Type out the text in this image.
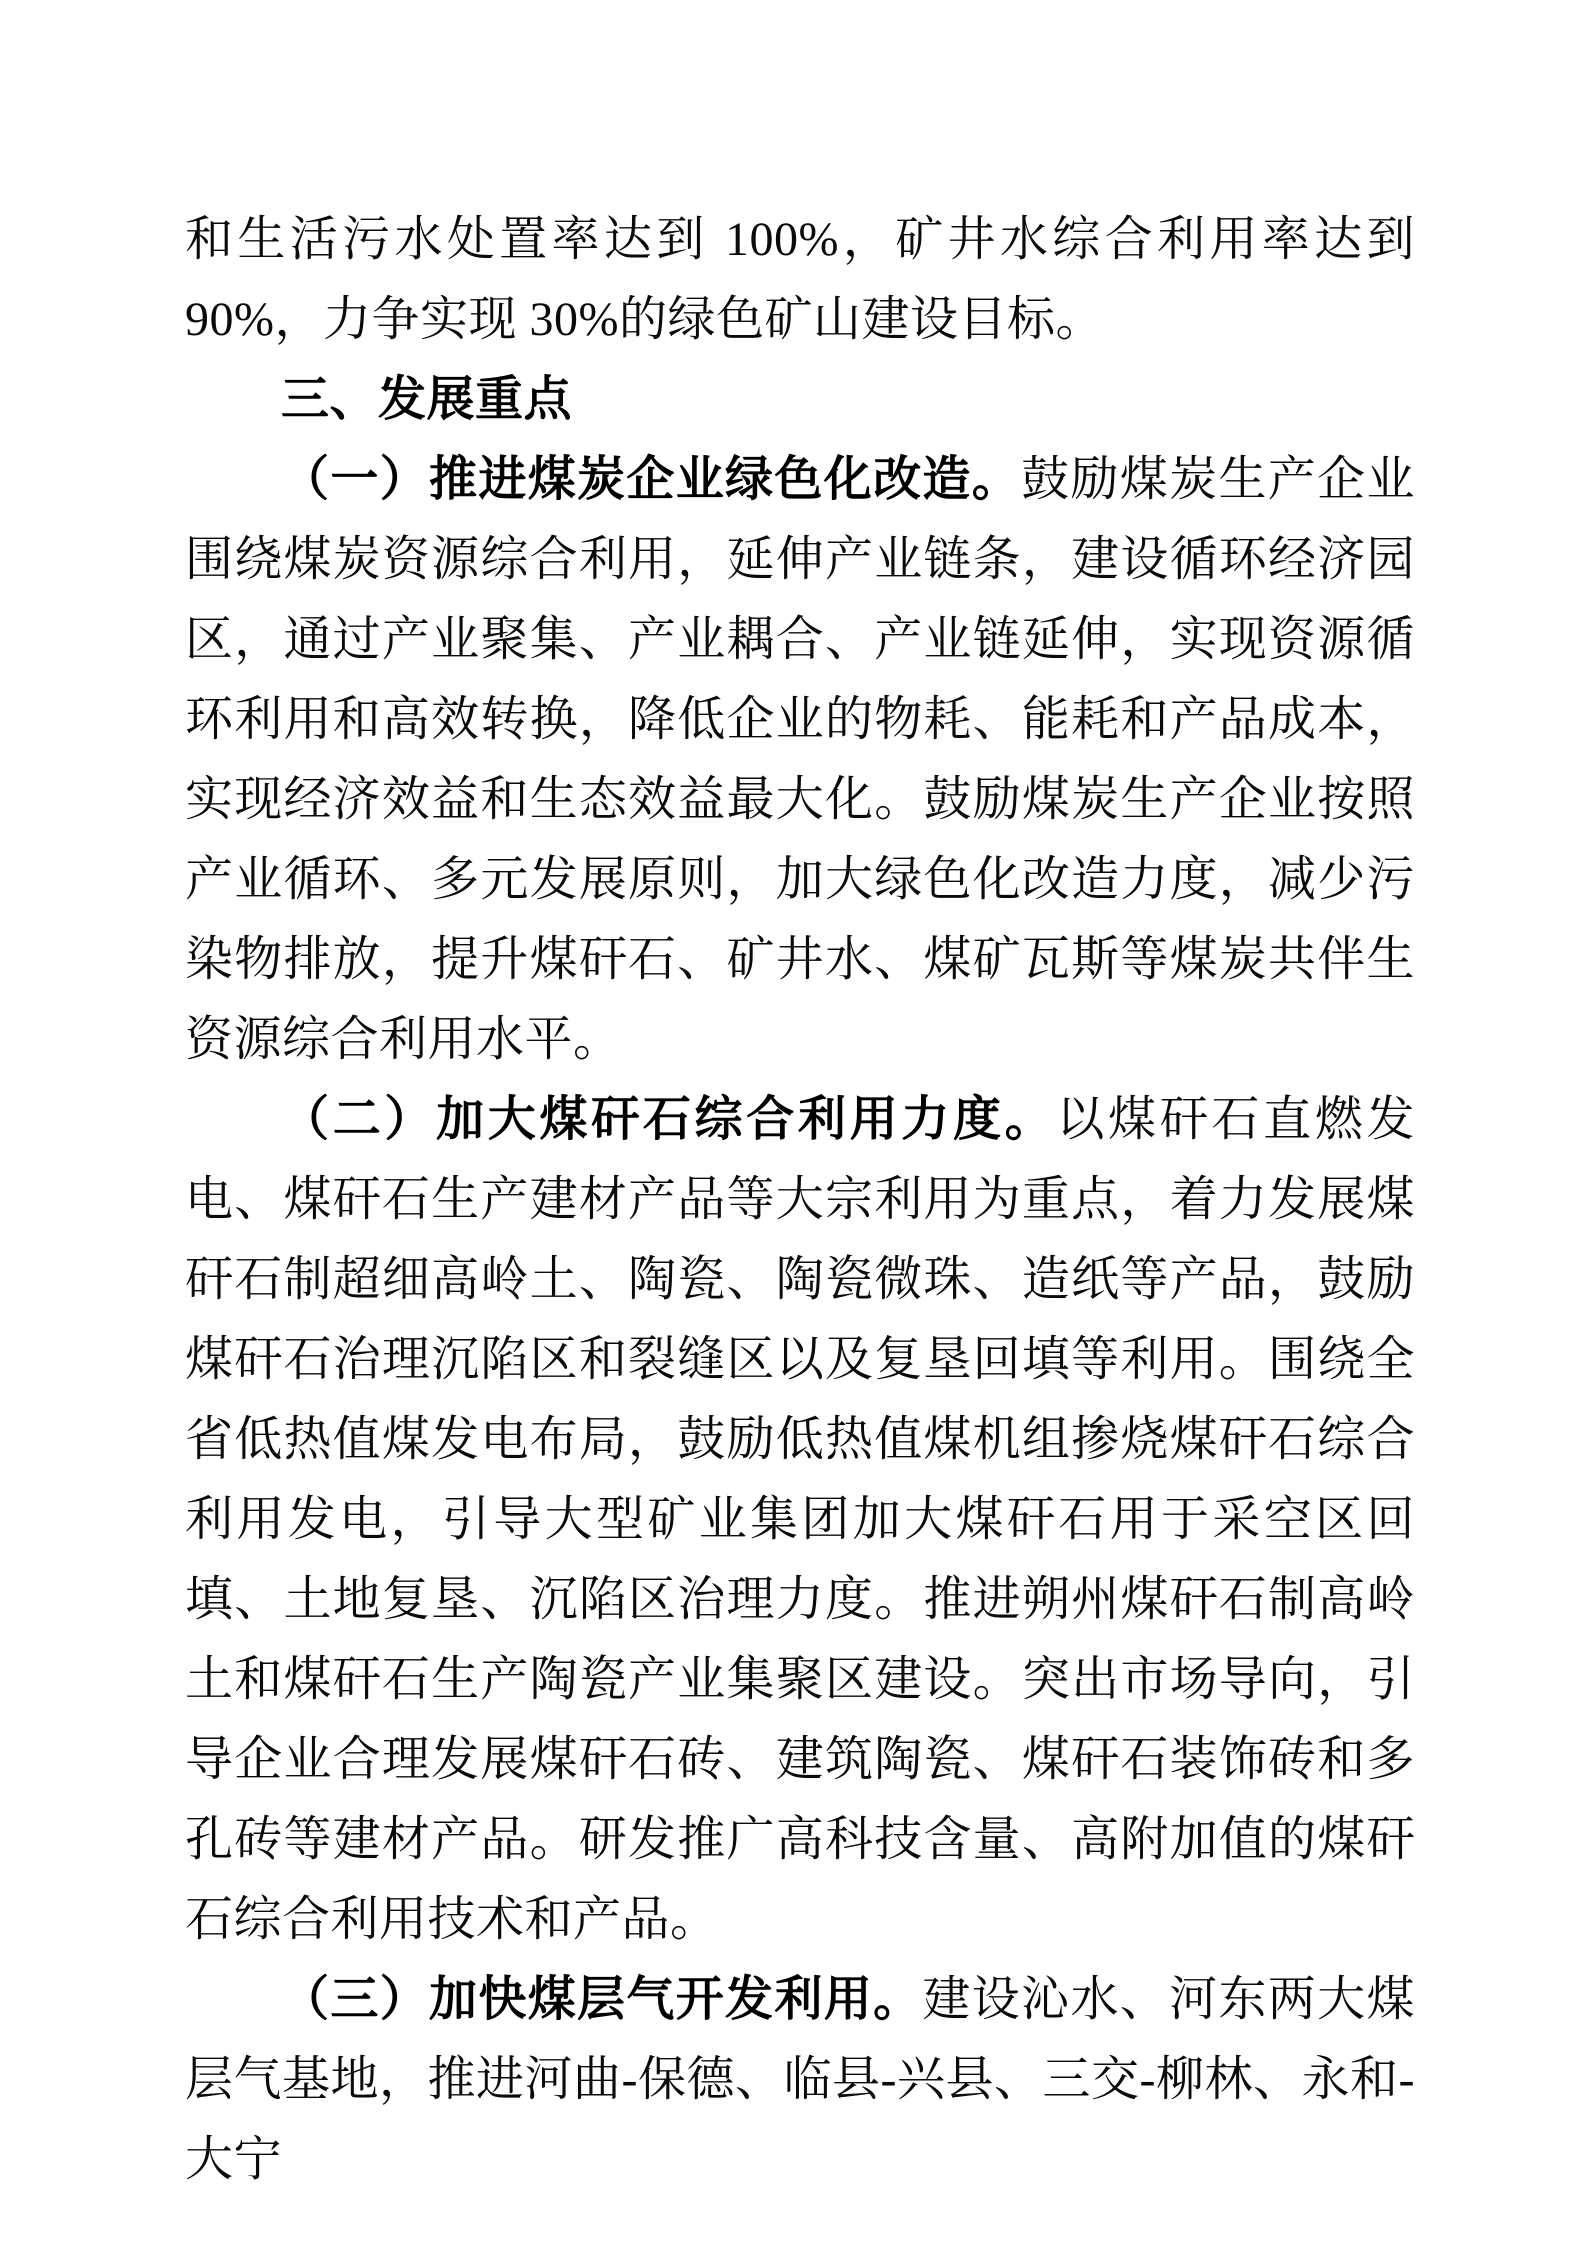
和生活污水处置率达到 100%，矿井水综合利用率达到 90%，力争实现 30%的绿色矿山建设目标。

三、发展重点

（一）推进煤炭企业绿色化改造。鼓励煤炭生产企业围绕煤炭资源综合利用，延伸产业链条，建设循环经济园区，通过产业聚集、产业耦合、产业链延伸，实现资源循环利用和高效转换，降低企业的物耗、能耗和产品成本，实现经济效益和生态效益最大化。鼓励煤炭生产企业按照产业循环、多元发展原则，加大绿色化改造力度，减少污染物排放，提升煤矸石、矿井水、煤矿瓦斯等煤炭共伴生资源综合利用水平。

（二）加大煤矸石综合利用力度。以煤矸石直燃发电、煤矸石生产建材产品等大宗利用为重点，着力发展煤矸石制超细高岭土、陶瓷、陶瓷微珠、造纸等产品，鼓励煤矸石治理沉陷区和裂缝区以及复垦回填等利用。围绕全省低热值煤发电布局，鼓励低热值煤机组掺烧煤矸石综合利用发电，引导大型矿业集团加大煤矸石用于采空区回填、土地复垦、沉陷区治理力度。推进朔州煤矸石制高岭土和煤矸石生产陶瓷产业集聚区建设。突出市场导向，引导企业合理发展煤矸石砖、建筑陶瓷、煤矸石装饰砖和多孔砖等建材产品。研发推广高科技含量、高附加值的煤矸石综合利用技术和产品。

（三）加快煤层气开发利用。建设沁水、河东两大煤层气基地，推进河曲-保德、临县-兴县、三交-柳林、永和-大宁
